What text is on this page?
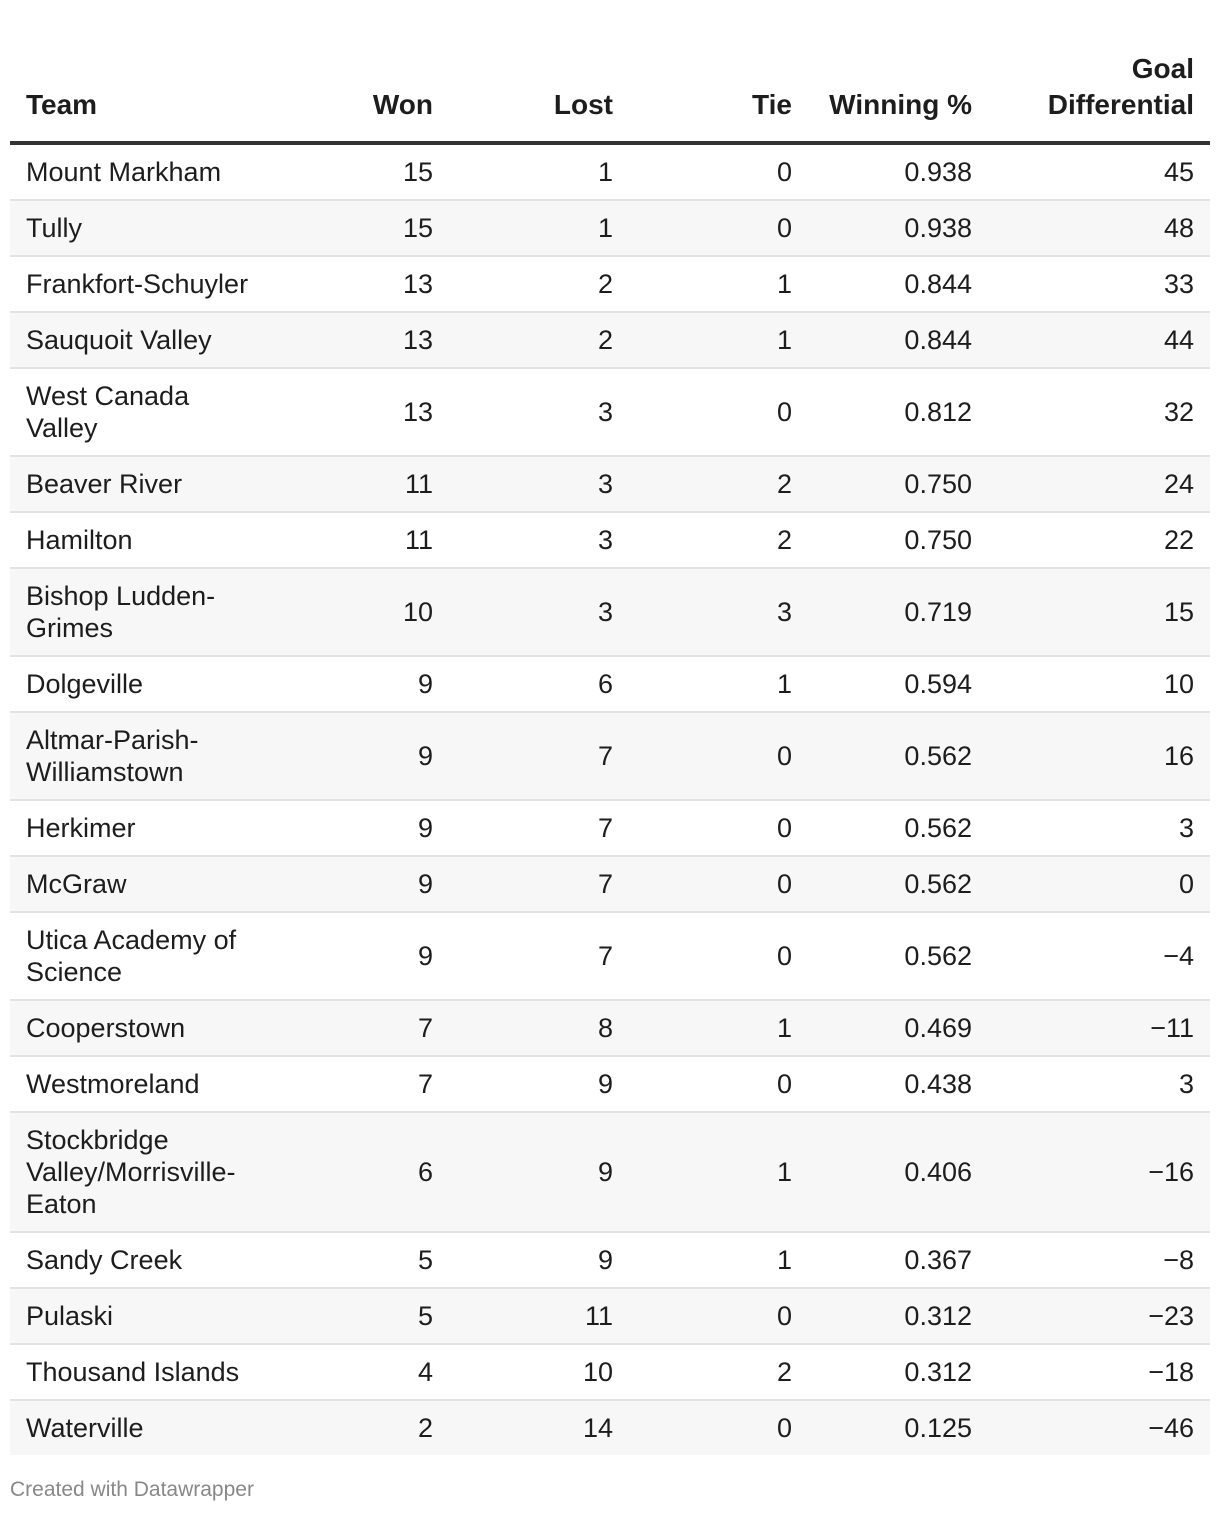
Team	Won	Lost	Tie	Winning %	Goal Differential
Mount Markham	15	1	0	0.938	45
Tully	15	1	0	0.938	48
Frankfort-Schuyler	13	2	1	0.844	33
Sauquoit Valley	13	2	1	0.844	44
West Canada Valley	13	3	0	0.812	32
Beaver River	11	3	2	0.750	24
Hamilton	11	3	2	0.750	22
Bishop Ludden-Grimes	10	3	3	0.719	15
Dolgeville	9	6	1	0.594	10
Altmar-Parish-Williamstown	9	7	0	0.562	16
Herkimer	9	7	0	0.562	3
McGraw	9	7	0	0.562	0
Utica Academy of Science	9	7	0	0.562	−4
Cooperstown	7	8	1	0.469	−11
Westmoreland	7	9	0	0.438	3
Stockbridge Valley/Morrisville-Eaton	6	9	1	0.406	−16
Sandy Creek	5	9	1	0.367	−8
Pulaski	5	11	0	0.312	−23
Thousand Islands	4	10	2	0.312	−18
Waterville	2	14	0	0.125	−46
Created with Datawrapper
